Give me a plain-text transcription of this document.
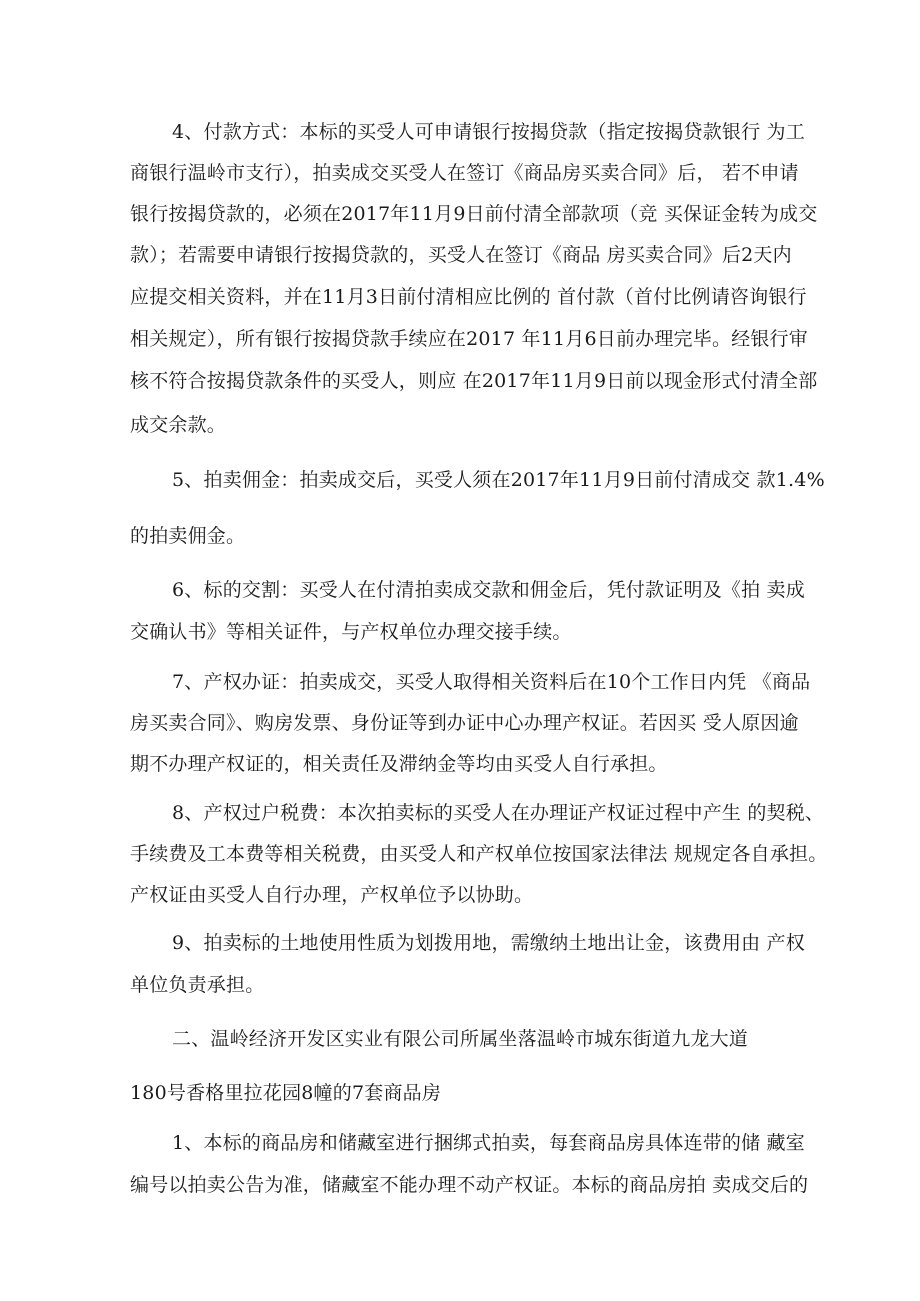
4、付款方式：本标的买受人可申请银行按揭贷款（指定按揭贷款银行 为工
商银行温岭市支行），拍卖成交买受人在签订《商品房买卖合同》后， 若不申请
银行按揭贷款的，必须在2017年11月9日前付清全部款项（竞 买保证金转为成交
款）；若需要申请银行按揭贷款的，买受人在签订《商品 房买卖合同》后2天内
应提交相关资料，并在11月3日前付清相应比例的 首付款（首付比例请咨询银行
相关规定），所有银行按揭贷款手续应在2017 年11月6日前办理完毕。经银行审
核不符合按揭贷款条件的买受人，则应 在2017年11月9日前以现金形式付清全部
成交余款。
5、拍卖佣金：拍卖成交后，买受人须在2017年11月9日前付清成交 款1.4%
的拍卖佣金。
6、标的交割：买受人在付清拍卖成交款和佣金后，凭付款证明及《拍 卖成
交确认书》等相关证件，与产权单位办理交接手续。
7、产权办证：拍卖成交，买受人取得相关资料后在10个工作日内凭 《商品
房买卖合同》、购房发票、身份证等到办证中心办理产权证。若因买 受人原因逾
期不办理产权证的，相关责任及滞纳金等均由买受人自行承担。
8、产权过户税费：本次拍卖标的买受人在办理证产权证过程中产生 的契税、
手续费及工本费等相关税费，由买受人和产权单位按国家法律法 规规定各自承担。
产权证由买受人自行办理，产权单位予以协助。
9、拍卖标的土地使用性质为划拨用地，需缴纳土地出让金，该费用由 产权
单位负责承担。
二、温岭经济开发区实业有限公司所属坐落温岭市城东街道九龙大道
180号香格里拉花园8幢的7套商品房
1、本标的商品房和储藏室进行捆绑式拍卖，每套商品房具体连带的储 藏室
编号以拍卖公告为准，储藏室不能办理不动产权证。本标的商品房拍 卖成交后的
